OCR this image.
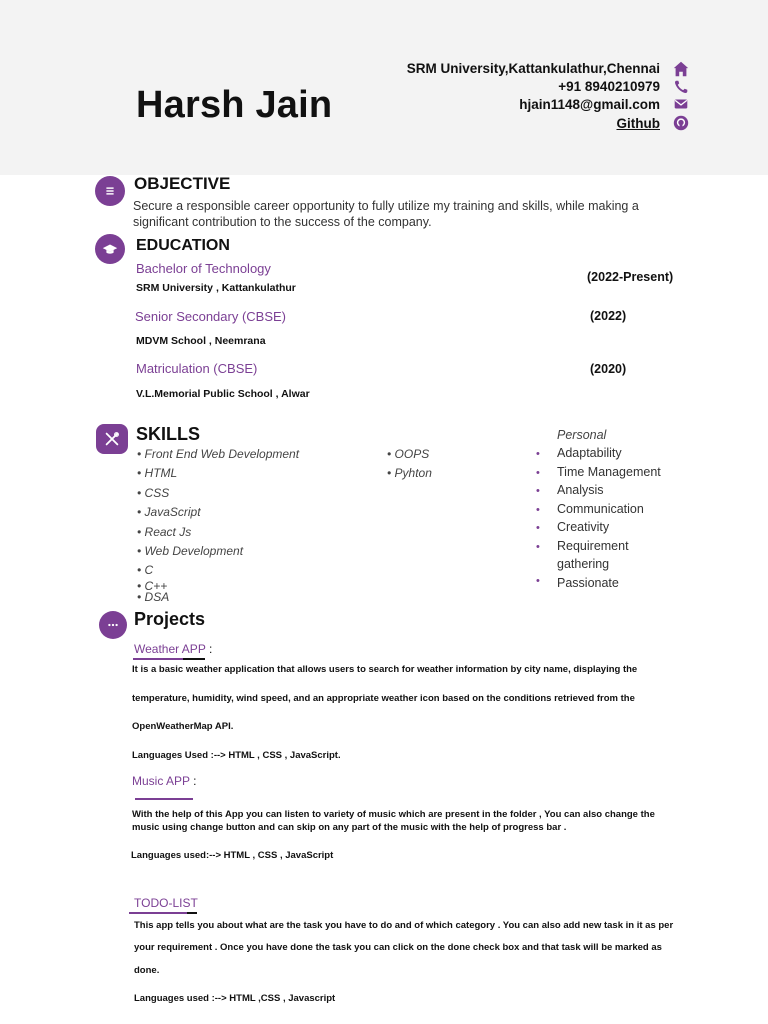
Harsh Jain
SRM University,Kattankulathur,Chennai
+91 8940210979
hjain1148@gmail.com
Github
OBJECTIVE
Secure a responsible career opportunity to fully utilize my training and skills, while making a
significant contribution to the success of the company.
EDUCATION
Bachelor of Technology
SRM University , Kattankulathur
(2022-Present)
Senior Secondary (CBSE)
MDVM School , Neemrana
(2022)
Matriculation (CBSE)
V.L.Memorial Public School , Alwar
(2020)
SKILLS
• Front End Web Development
• HTML
• CSS
• JavaScript
• React Js
• Web Development
• C
• C++
• DSA
• OOPS
• Pyhton
Personal
• Adaptability
• Time Management
• Analysis
• Communication
• Creativity
• Requirement
gathering
• Passionate
Projects
Weather APP :
It is a basic weather application that allows users to search for weather information by city name, displaying the
temperature, humidity, wind speed, and an appropriate weather icon based on the conditions retrieved from the
OpenWeatherMap API.
Languages Used :--> HTML , CSS , JavaScript.
Music APP :
With the help of this App you can listen to variety of music which are present in the folder , You can also change the
music using change button and can skip on any part of the music with the help of progress bar .
Languages used:--> HTML , CSS , JavaScript
TODO-LIST
This app tells you about what are the task you have to do and of which category . You can also add new task in it as per
your requirement . Once you have done the task you can click on the done check box and that task will be marked as
done.
Languages used :--> HTML ,CSS , Javascript
